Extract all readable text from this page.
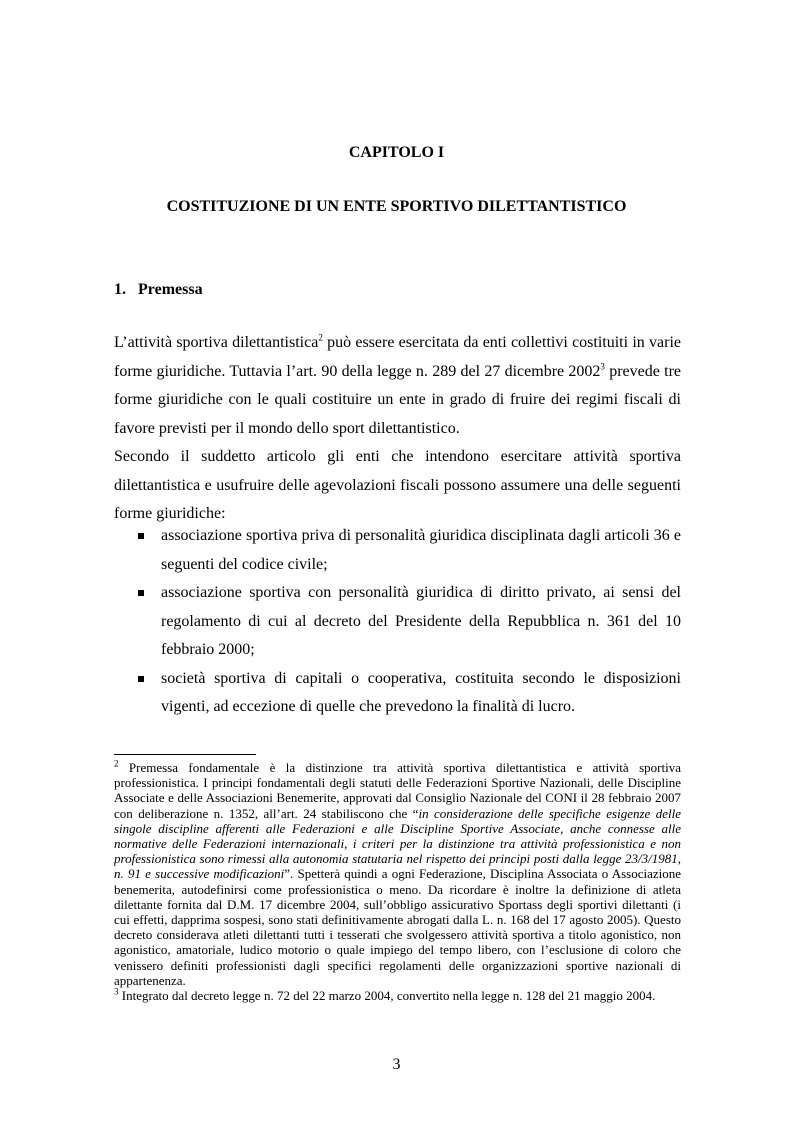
CAPITOLO I
COSTITUZIONE DI UN ENTE SPORTIVO DILETTANTISTICO
1. Premessa
L’attività sportiva dilettantistica$^2$ può essere esercitata da enti collettivi costituiti in varie forme giuridiche. Tuttavia l’art. 90 della legge n. 289 del 27 dicembre 2002$^3$ prevede tre forme giuridiche con le quali costituire un ente in grado di fruire dei regimi fiscali di favore previsti per il mondo dello sport dilettantistico.
Secondo il suddetto articolo gli enti che intendono esercitare attività sportiva dilettantistica e usufruire delle agevolazioni fiscali possono assumere una delle seguenti forme giuridiche:
associazione sportiva priva di personalità giuridica disciplinata dagli articoli 36 e seguenti del codice civile;
associazione sportiva con personalità giuridica di diritto privato, ai sensi del regolamento di cui al decreto del Presidente della Repubblica n. 361 del 10 febbraio 2000;
società sportiva di capitali o cooperativa, costituita secondo le disposizioni vigenti, ad eccezione di quelle che prevedono la finalità di lucro.

$^2$ Premessa fondamentale è la distinzione tra attività sportiva dilettantistica e attività sportiva professionistica. I principi fondamentali degli statuti delle Federazioni Sportive Nazionali, delle Discipline Associate e delle Associazioni Benemerite, approvati dal Consiglio Nazionale del CONI il 28 febbraio 2007 con deliberazione n. 1352, all’art. 24 stabiliscono che “in considerazione delle specifiche esigenze delle singole discipline afferenti alle Federazioni e alle Discipline Sportive Associate, anche connesse alle normative delle Federazioni internazionali, i criteri per la distinzione tra attività professionistica e non professionistica sono rimessi alla autonomia statutaria nel rispetto dei principi posti dalla legge 23/3/1981, n. 91 e successive modificazioni”. Spetterà quindi a ogni Federazione, Disciplina Associata o Associazione benemerita, autodefinirsi come professionistica o meno. Da ricordare è inoltre la definizione di atleta dilettante fornita dal D.M. 17 dicembre 2004, sull’obbligo assicurativo Sportass degli sportivi dilettanti (i cui effetti, dapprima sospesi, sono stati definitivamente abrogati dalla L. n. 168 del 17 agosto 2005). Questo decreto considerava atleti dilettanti tutti i tesserati che svolgessero attività sportiva a titolo agonistico, non agonistico, amatoriale, ludico motorio o quale impiego del tempo libero, con l’esclusione di coloro che venissero definiti professionisti dagli specifici regolamenti delle organizzazioni sportive nazionali di appartenenza.

$^3$ Integrato dal decreto legge n. 72 del 22 marzo 2004, convertito nella legge n. 128 del 21 maggio 2004.

3
